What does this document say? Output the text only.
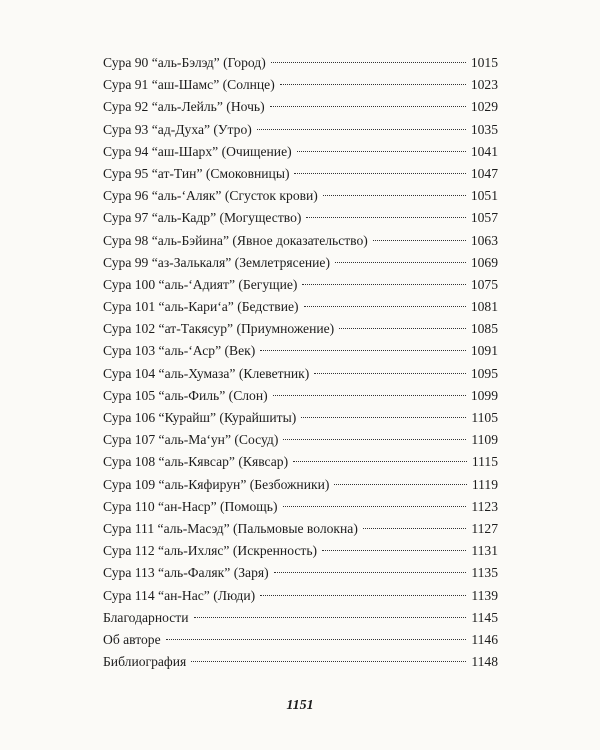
Сура 90 “аль-Бэлэд” (Город)	1015
Сура 91 “аш-Шамс” (Солнце)	1023
Сура 92 “аль-Лейль” (Ночь)	1029
Сура 93 “ад-Духа” (Утро)	1035
Сура 94 “аш-Шарх” (Очищение)	1041
Сура 95 “ат-Тин” (Смоковницы)	1047
Сура 96 “аль-‘Аляк” (Сгусток крови)	1051
Сура 97 “аль-Кадр” (Могущество)	1057
Сура 98 “аль-Бэйина” (Явное доказательство)	1063
Сура 99 “аз-Залькаля” (Землетрясение)	1069
Сура 100 “аль-‘Адият” (Бегущие)	1075
Сура 101 “аль-Кари‘а” (Бедствие)	1081
Сура 102 “ат-Такясур” (Приумножение)	1085
Сура 103 “аль-‘Аср” (Век)	1091
Сура 104 “аль-Хумаза” (Клеветник)	1095
Сура 105 “аль-Филь” (Слон)	1099
Сура 106 “Курайш” (Курайшиты)	1105
Сура 107 “аль-Ма‘ун” (Сосуд)	1109
Сура 108 “аль-Кявсар” (Кявсар)	1115
Сура 109 “аль-Кяфирун” (Безбожники)	1119
Сура 110 “ан-Наср” (Помощь)	1123
Сура 111 “аль-Масэд” (Пальмовые волокна)	1127
Сура 112 “аль-Ихляс” (Искренность)	1131
Сура 113 “аль-Фаляк” (Заря)	1135
Сура 114 “ан-Нас” (Люди)	1139
Благодарности	1145
Об авторе	1146
Библиография	1148
1151
